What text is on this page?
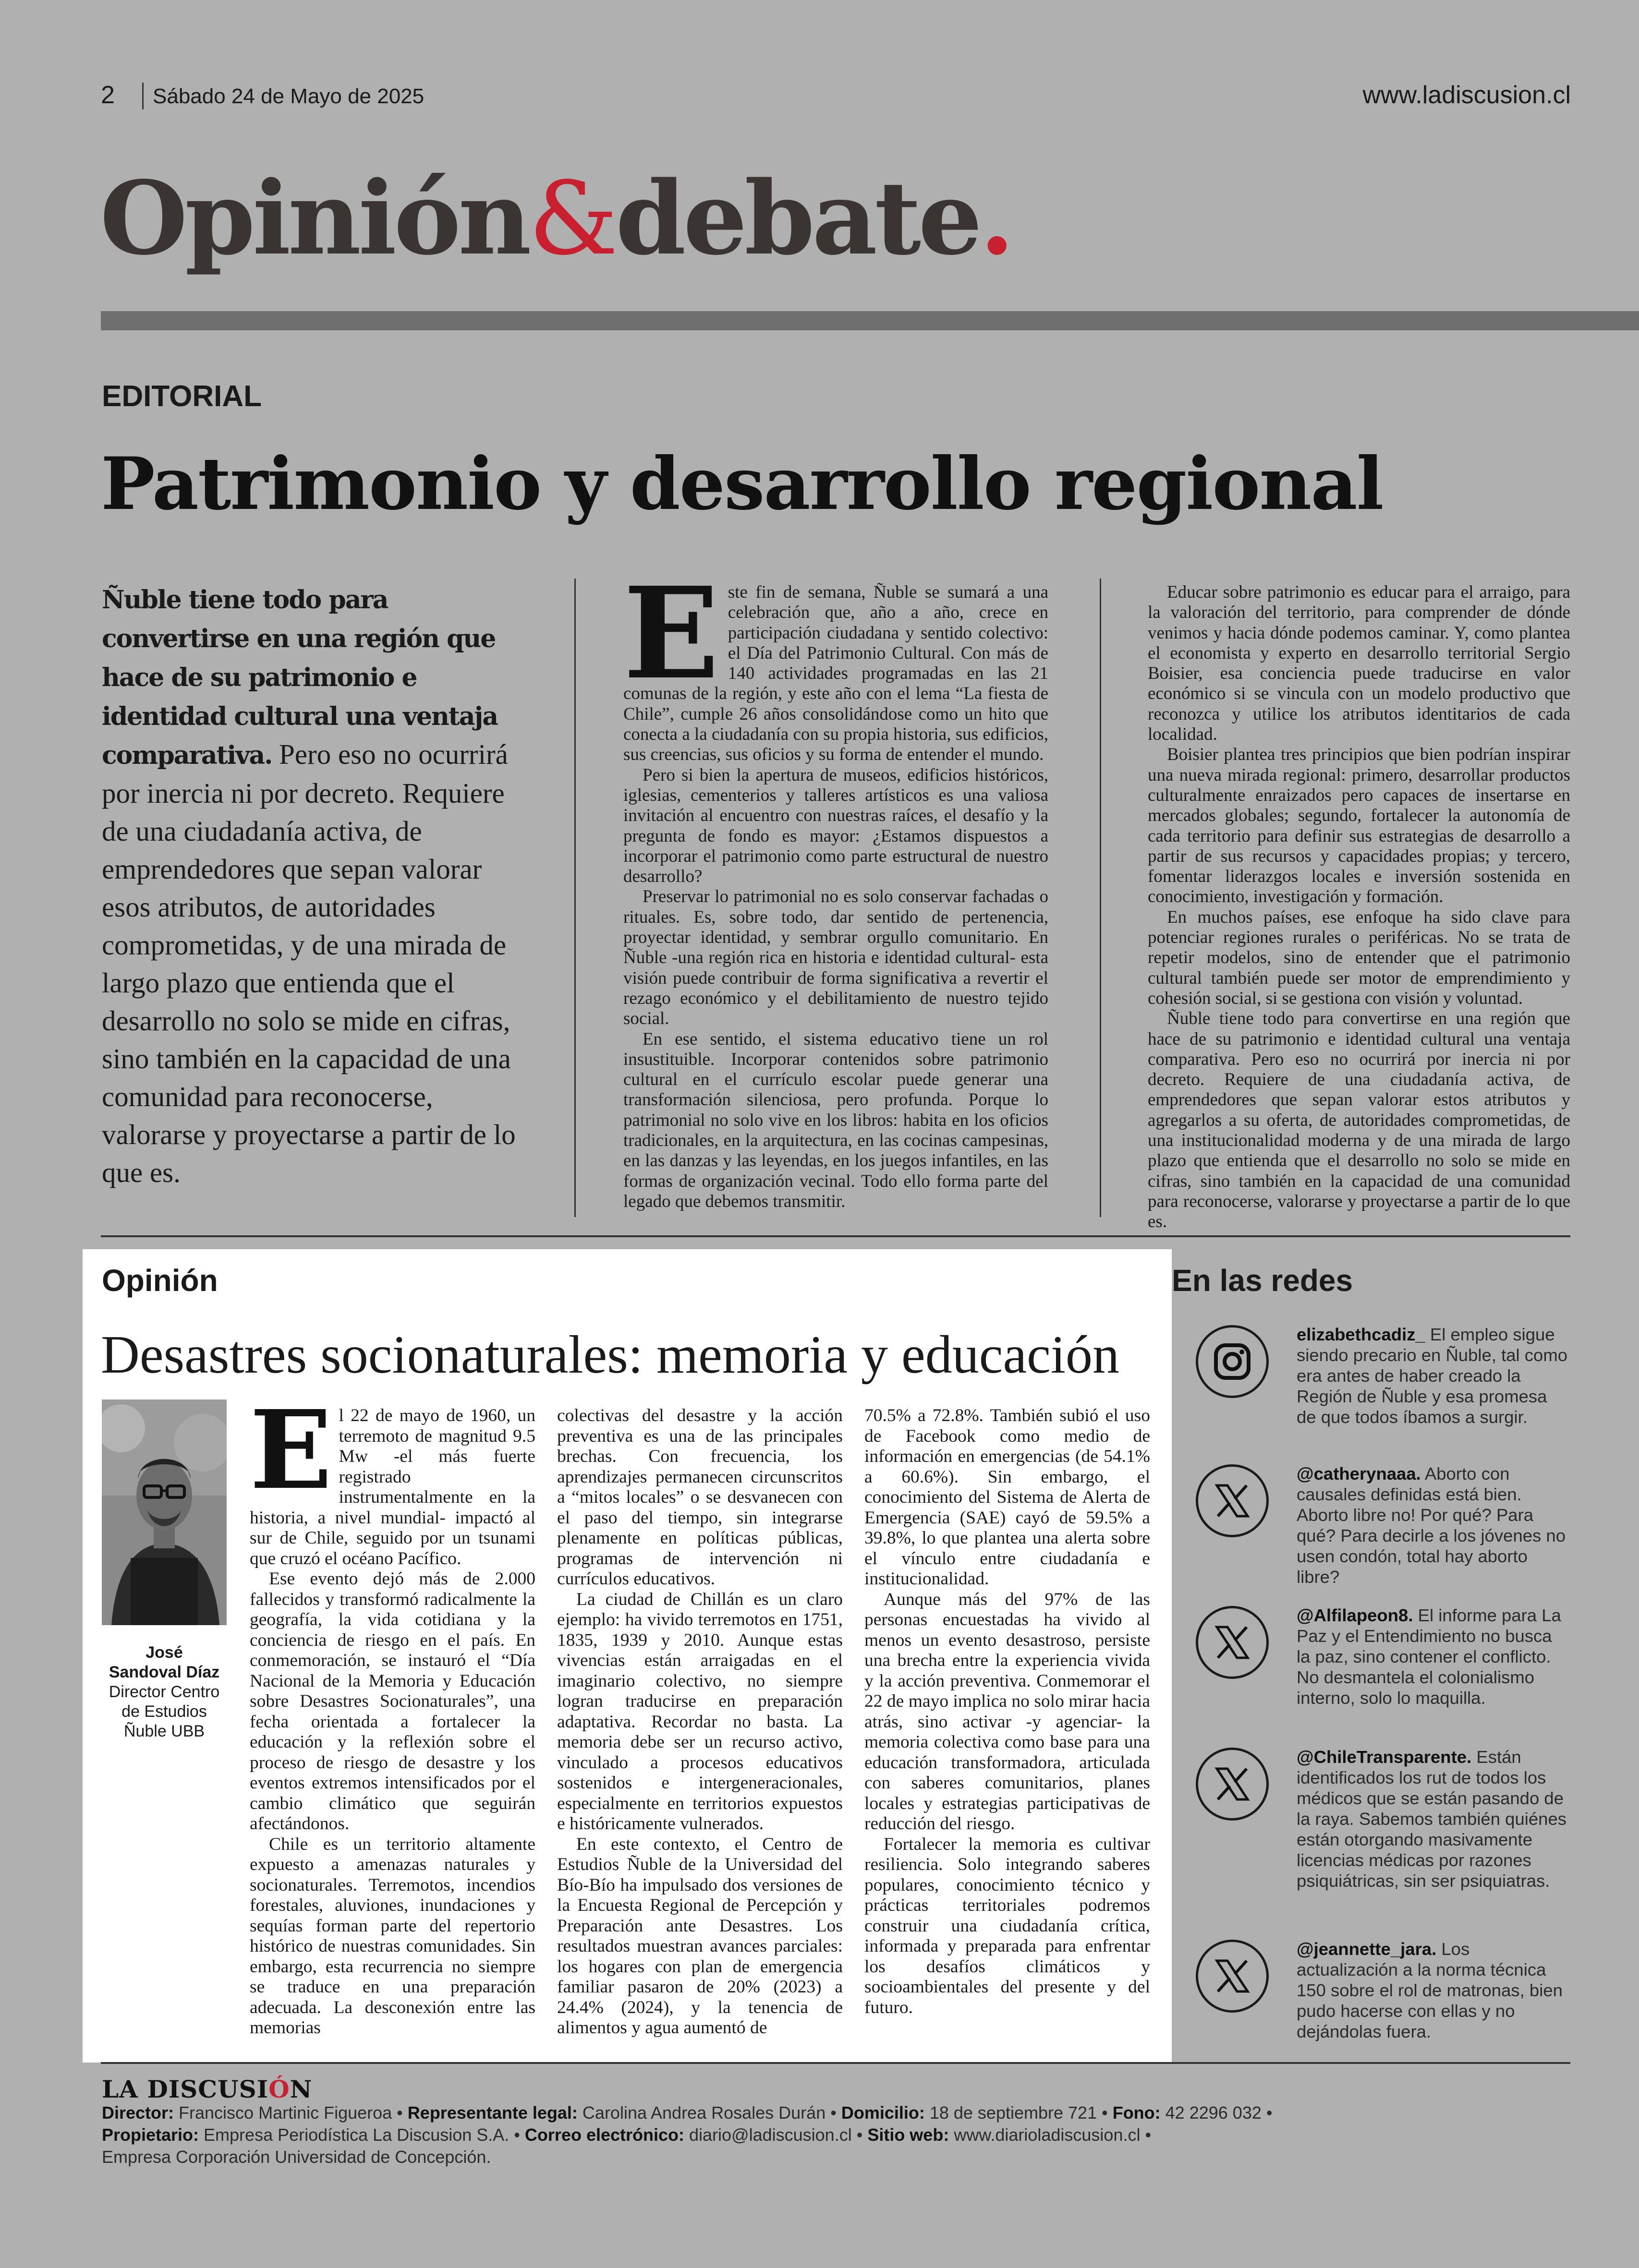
2 Sábado 24 de Mayo de 2025	www.ladiscusion.cl
Opinión&debate.
EDITORIAL
Patrimonio y desarrollo regional
Ñuble tiene todo para convertirse en una región que hace de su patrimonio e identidad cultural una ventaja comparativa. Pero eso no ocurrirá por inercia ni por decreto. Requiere de una ciudadanía activa, de emprendedores que sepan valorar esos atributos, de autoridades comprometidas, y de una mirada de largo plazo que entienda que el desarrollo no solo se mide en cifras, sino también en la capacidad de una comunidad para reconocerse, valorarse y proyectarse a partir de lo que es.
E ste fin de semana, Ñuble se sumará a una celebración que, año a año, crece en participación ciudadana y sentido colectivo: el Día del Patrimonio Cultural. Con más de 140 actividades programadas en las 21 comunas de la región, y este año con el lema “La fiesta de Chile”, cumple 26 años consolidándose como un hito que conecta a la ciudadanía con su propia historia, sus edificios, sus creencias, sus oficios y su forma de entender el mundo.

Pero si bien la apertura de museos, edificios históricos, iglesias, cementerios y talleres artísticos es una valiosa invitación al encuentro con nuestras raíces, el desafío y la pregunta de fondo es mayor: ¿Estamos dispuestos a incorporar el patrimonio como parte estructural de nuestro desarrollo?

Preservar lo patrimonial no es solo conservar fachadas o rituales. Es, sobre todo, dar sentido de pertenencia, proyectar identidad, y sembrar orgullo comunitario. En Ñuble -una región rica en historia e identidad cultural- esta visión puede contribuir de forma significativa a revertir el rezago económico y el debilitamiento de nuestro tejido social.

En ese sentido, el sistema educativo tiene un rol insustituible. Incorporar contenidos sobre patrimonio cultural en el currículo escolar puede generar una transformación silenciosa, pero profunda. Porque lo patrimonial no solo vive en los libros: habita en los oficios tradicionales, en la arquitectura, en las cocinas campesinas, en las danzas y las leyendas, en los juegos infantiles, en las formas de organización vecinal. Todo ello forma parte del legado que debemos transmitir.

Educar sobre patrimonio es educar para el arraigo, para la valoración del territorio, para comprender de dónde venimos y hacia dónde podemos caminar. Y, como plantea el economista y experto en desarrollo territorial Sergio Boisier, esa conciencia puede traducirse en valor económico si se vincula con un modelo productivo que reconozca y utilice los atributos identitarios de cada localidad.

Boisier plantea tres principios que bien podrían inspirar una nueva mirada regional: primero, desarrollar productos culturalmente enraizados pero capaces de insertarse en mercados globales; segundo, fortalecer la autonomía de cada territorio para definir sus estrategias de desarrollo a partir de sus recursos y capacidades propias; y tercero, fomentar liderazgos locales e inversión sostenida en conocimiento, investigación y formación.

En muchos países, ese enfoque ha sido clave para potenciar regiones rurales o periféricas. No se trata de repetir modelos, sino de entender que el patrimonio cultural también puede ser motor de emprendimiento y cohesión social, si se gestiona con visión y voluntad.

Ñuble tiene todo para convertirse en una región que hace de su patrimonio e identidad cultural una ventaja comparativa. Pero eso no ocurrirá por inercia ni por decreto. Requiere de una ciudadanía activa, de emprendedores que sepan valorar estos atributos y agregarlos a su oferta, de autoridades comprometidas, de una institucionalidad moderna y de una mirada de largo plazo que entienda que el desarrollo no solo se mide en cifras, sino también en la capacidad de una comunidad para reconocerse, valorarse y proyectarse a partir de lo que es.

Opinión
Desastres socionaturales: memoria y educación
José
Sandoval Díaz
Director Centro de Estudios Ñuble UBB
E l 22 de mayo de 1960, un terremoto de magnitud 9.5 Mw -el más fuerte registrado instrumentalmente en la historia, a nivel mundial- impactó al sur de Chile, seguido por un tsunami que cruzó el océano Pacífico.

Ese evento dejó más de 2.000 fallecidos y transformó radicalmente la geografía, la vida cotidiana y la conciencia de riesgo en el país. En conmemoración, se instauró el “Día Nacional de la Memoria y Educación sobre Desastres Socionaturales”, una fecha orientada a fortalecer la educación y la reflexión sobre el proceso de riesgo de desastre y los eventos extremos intensificados por el cambio climático que seguirán afectándonos.

Chile es un territorio altamente expuesto a amenazas naturales y socionaturales. Terremotos, incendios forestales, aluviones, inundaciones y sequías forman parte del repertorio histórico de nuestras comunidades. Sin embargo, esta recurrencia no siempre se traduce en una preparación adecuada. La desconexión entre las memorias

colectivas del desastre y la acción preventiva es una de las principales brechas. Con frecuencia, los aprendizajes permanecen circunscritos a “mitos locales” o se desvanecen con el paso del tiempo, sin integrarse plenamente en políticas públicas, programas de intervención ni currículos educativos.

La ciudad de Chillán es un claro ejemplo: ha vivido terremotos en 1751, 1835, 1939 y 2010. Aunque estas vivencias están arraigadas en el imaginario colectivo, no siempre logran traducirse en preparación adaptativa. Recordar no basta. La memoria debe ser un recurso activo, vinculado a procesos educativos sostenidos e intergeneracionales, especialmente en territorios expuestos e históricamente vulnerados.

En este contexto, el Centro de Estudios Ñuble de la Universidad del Bío-Bío ha impulsado dos versiones de la Encuesta Regional de Percepción y Preparación ante Desastres. Los resultados muestran avances parciales: los hogares con plan de emergencia familiar pasaron de 20% (2023) a 24.4% (2024), y la tenencia de alimentos y agua aumentó de

70.5% a 72.8%. También subió el uso de Facebook como medio de información en emergencias (de 54.1% a 60.6%). Sin embargo, el conocimiento del Sistema de Alerta de Emergencia (SAE) cayó de 59.5% a 39.8%, lo que plantea una alerta sobre el vínculo entre ciudadanía e institucionalidad.

Aunque más del 97% de las personas encuestadas ha vivido al menos un evento desastroso, persiste una brecha entre la experiencia vivida y la acción preventiva. Conmemorar el 22 de mayo implica no solo mirar hacia atrás, sino activar -y agenciar- la memoria colectiva como base para una educación transformadora, articulada con saberes comunitarios, planes locales y estrategias participativas de reducción del riesgo.

Fortalecer la memoria es cultivar resiliencia. Solo integrando saberes populares, conocimiento técnico y prácticas territoriales podremos construir una ciudadanía crítica, informada y preparada para enfrentar los desafíos climáticos y socioambientales del presente y del futuro.

En las redes
elizabethcadiz_ El empleo sigue siendo precario en Ñuble, tal como era antes de haber creado la Región de Ñuble y esa promesa de que todos íbamos a surgir.
@catherynaaa. Aborto con causales definidas está bien. Aborto libre no! Por qué? Para qué? Para decirle a los jóvenes no usen condón, total hay aborto libre?
@Alfilapeon8. El informe para La Paz y el Entendimiento no busca la paz, sino contener el conflicto. No desmantela el colonialismo interno, solo lo maquilla.
@ChileTransparente. Están identificados los rut de todos los médicos que se están pasando de la raya. Sabemos también quiénes están otorgando masivamente licencias médicas por razones psiquiátricas, sin ser psiquiatras.
@jeannette_jara. Los actualización a la norma técnica 150 sobre el rol de matronas, bien pudo hacerse con ellas y no dejándolas fuera.
LA DISCUSIÓN
Director: Francisco Martinic Figueroa • Representante legal: Carolina Andrea Rosales Durán • Domicilio: 18 de septiembre 721 • Fono: 42 2296 032 •
Propietario: Empresa Periodística La Discusion S.A. • Correo electrónico: diario@ladiscusion.cl • Sitio web: www.diarioladiscusion.cl •
Empresa Corporación Universidad de Concepción.
